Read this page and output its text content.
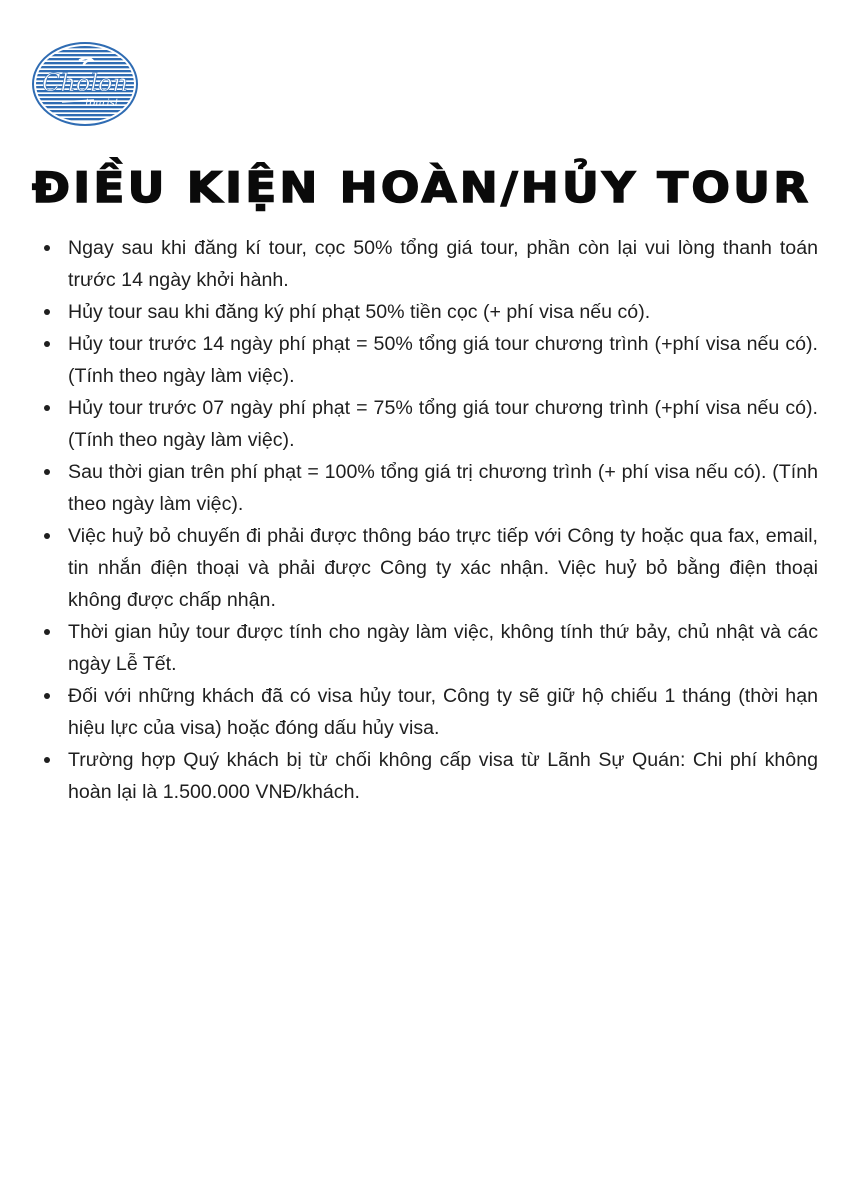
Cholon
tourist
ĐIỀU KIỆN HOÀN/HỦY TOUR
Ngay sau khi đăng kí tour, cọc 50% tổng giá tour, phần còn lại vui lòng thanh toán trước 14 ngày khởi hành.
Hủy tour sau khi đăng ký phí phạt 50% tiền cọc (+ phí visa nếu có).
Hủy tour trước 14 ngày phí phạt = 50% tổng giá tour chương trình (+phí visa nếu có). (Tính theo ngày làm việc).
Hủy tour trước 07 ngày phí phạt = 75% tổng giá tour chương trình (+phí visa nếu có). (Tính theo ngày làm việc).
Sau thời gian trên phí phạt = 100% tổng giá trị chương trình (+ phí visa nếu có). (Tính theo ngày làm việc).
Việc huỷ bỏ chuyến đi phải được thông báo trực tiếp với Công ty hoặc qua fax, email, tin nhắn điện thoại và phải được Công ty xác nhận. Việc huỷ bỏ bằng điện thoại không được chấp nhận.
Thời gian hủy tour được tính cho ngày làm việc, không tính thứ bảy, chủ nhật và các ngày Lễ Tết.
Đối với những khách đã có visa hủy tour, Công ty sẽ giữ hộ chiếu 1 tháng (thời hạn hiệu lực của visa) hoặc đóng dấu hủy visa.
Trường hợp Quý khách bị từ chối không cấp visa từ Lãnh Sự Quán: Chi phí không hoàn lại là 1.500.000 VNĐ/khách.
